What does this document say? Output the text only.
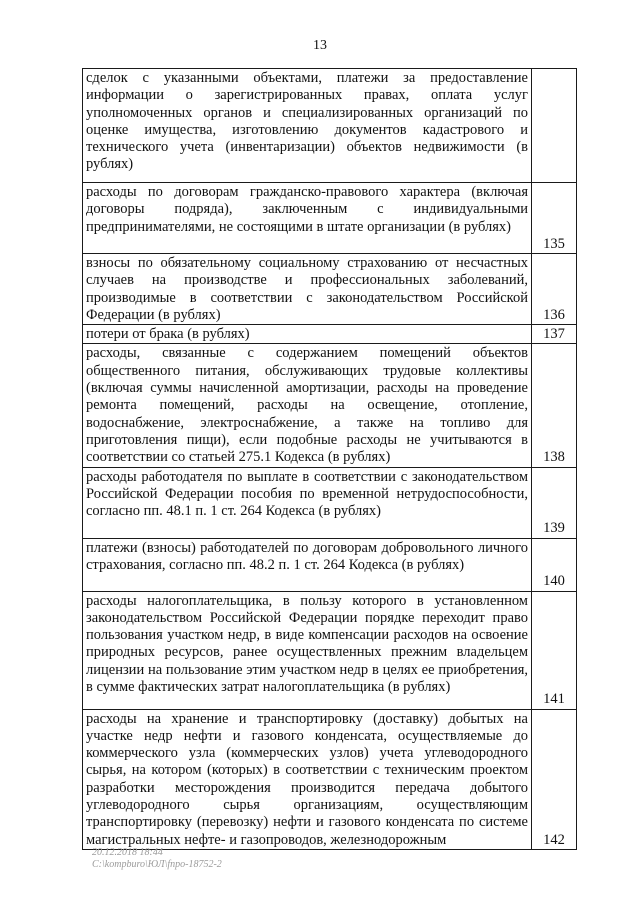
13
сделок с указанными объектами, платежи за предоставление информации о зарегистрированных правах, оплата услуг уполномоченных органов и специализированных организаций по оценке имущества, изготовлению документов кадастрового и технического учета (инвентаризации) объектов недвижимости (в рублях)	
расходы по договорам гражданско-правового характера (включая договоры подряда), заключенным с индивидуальными предпринимателями, не состоящими в штате организации (в рублях)	135
взносы по обязательному социальному страхованию от несчастных случаев на производстве и профессиональных заболеваний, производимые в соответствии с законодательством Российской Федерации (в рублях)	136
потери от брака (в рублях)	137
расходы, связанные с содержанием помещений объектов общественного питания, обслуживающих трудовые коллективы (включая суммы начисленной амортизации, расходы на проведение ремонта помещений, расходы на освещение, отопление, водоснабжение, электроснабжение, а также на топливо для приготовления пищи), если подобные расходы не учитываются в соответствии со статьей 275.1 Кодекса (в рублях)	138
расходы работодателя по выплате в соответствии с законодательством Российской Федерации пособия по временной нетрудоспособности, согласно пп. 48.1 п. 1 ст. 264 Кодекса (в рублях)	139
платежи (взносы) работодателей по договорам добровольного личного страхования, согласно пп. 48.2 п. 1 ст. 264 Кодекса (в рублях)	140
расходы налогоплательщика, в пользу которого в установленном законодательством Российской Федерации порядке переходит право пользования участком недр, в виде компенсации расходов на освоение природных ресурсов, ранее осуществленных прежним владельцем лицензии на пользование этим участком недр в целях ее приобретения, в сумме фактических затрат налогоплательщика (в рублях)	141
расходы на хранение и транспортировку (доставку) добытых на участке недр нефти и газового конденсата, осуществляемые до коммерческого узла (коммерческих узлов) учета углеводородного сырья, на котором (которых) в соответствии с техническим проектом разработки месторождения производится передача добытого углеводородного сырья организациям, осуществляющим транспортировку (перевозку) нефти и газового конденсата по системе магистральных нефте- и газопроводов, железнодорожным	142
20.12.2018 18:44
C:\kompburo\ЮЛ\fnpo-18752-2
